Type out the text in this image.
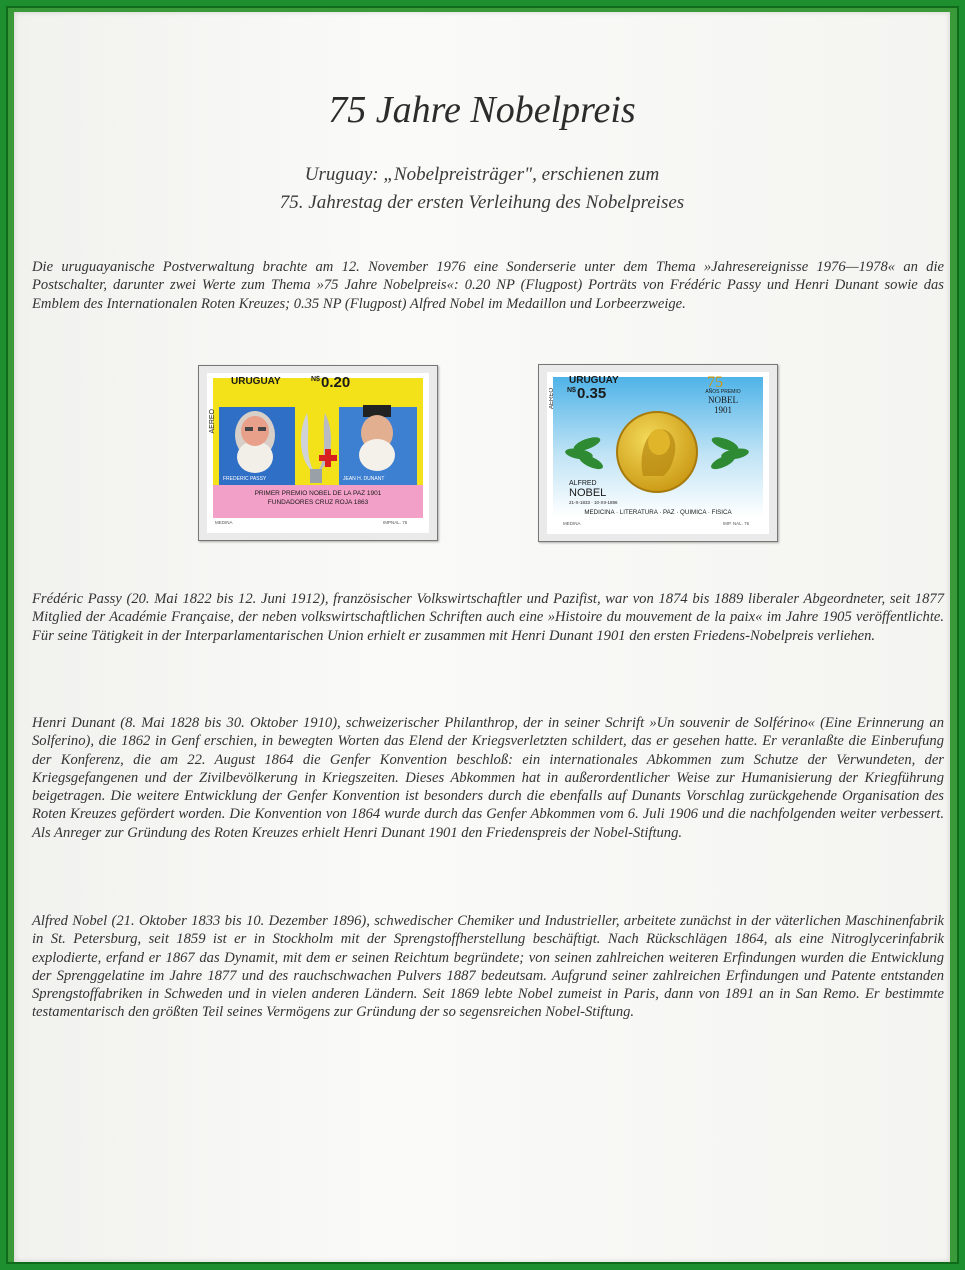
75 Jahre Nobelpreis
Uruguay: „Nobelpreisträger", erschienen zum
75. Jahrestag der ersten Verleihung des Nobelpreises
Die uruguayanische Postverwaltung brachte am 12. November 1976 eine Sonderserie unter dem Thema »Jahresereignisse 1976—1978« an die Postschalter, darunter zwei Werte zum Thema »75 Jahre Nobelpreis«: 0.20 NP (Flugpost) Porträts von Frédéric Passy und Henri Dunant sowie das Emblem des Internationalen Roten Kreuzes; 0.35 NP (Flugpost) Alfred Nobel im Medaillon und Lorbeerzweige.
URUGUAY	N$ 0.20
AEREO
FREDERIC PASSY	JEAN H. DUNANT
PRIMER PREMIO NOBEL DE LA PAZ 1901
FUNDADORES CRUZ ROJA 1863
MEDINA	IMPNAL. 76
URUGUAY
N$ 0.35
AEREO
75
AÑOS PREMIO
NOBEL
1901
ALFRED
NOBEL
21-X-1833 · 10-XII-1896
MEDICINA · LITERATURA · PAZ · QUIMICA · FISICA
MEDINA	IMP. NAL. 76
Frédéric Passy (20. Mai 1822 bis 12. Juni 1912), französischer Volkswirtschaftler und Pazifist, war von 1874 bis 1889 liberaler Abgeordneter, seit 1877 Mitglied der Académie Française, der neben volkswirtschaftlichen Schriften auch eine »Histoire du mouvement de la paix« im Jahre 1905 veröffentlichte. Für seine Tätigkeit in der Interparlamentarischen Union erhielt er zusammen mit Henri Dunant 1901 den ersten Friedens-Nobelpreis verliehen.
Henri Dunant (8. Mai 1828 bis 30. Oktober 1910), schweizerischer Philanthrop, der in seiner Schrift »Un souvenir de Solférino« (Eine Erinnerung an Solferino), die 1862 in Genf erschien, in bewegten Worten das Elend der Kriegsverletzten schildert, das er gesehen hatte. Er veranlaßte die Einberufung der Konferenz, die am 22. August 1864 die Genfer Konvention beschloß: ein internationales Abkommen zum Schutze der Verwundeten, der Kriegsgefangenen und der Zivilbevölkerung in Kriegszeiten. Dieses Abkommen hat in außerordentlicher Weise zur Humanisierung der Kriegführung beigetragen. Die weitere Entwicklung der Genfer Konvention ist besonders durch die ebenfalls auf Dunants Vorschlag zurückgehende Organisation des Roten Kreuzes gefördert worden. Die Konvention von 1864 wurde durch das Genfer Abkommen vom 6. Juli 1906 und die nachfolgenden weiter verbessert. Als Anreger zur Gründung des Roten Kreuzes erhielt Henri Dunant 1901 den Friedenspreis der Nobel-Stiftung.
Alfred Nobel (21. Oktober 1833 bis 10. Dezember 1896), schwedischer Chemiker und Industrieller, arbeitete zunächst in der väterlichen Maschinenfabrik in St. Petersburg, seit 1859 ist er in Stockholm mit der Sprengstoffherstellung beschäftigt. Nach Rückschlägen 1864, als eine Nitroglycerinfabrik explodierte, erfand er 1867 das Dynamit, mit dem er seinen Reichtum begründete; von seinen zahlreichen weiteren Erfindungen wurden die Entwicklung der Sprenggelatine im Jahre 1877 und des rauchschwachen Pulvers 1887 bedeutsam. Aufgrund seiner zahlreichen Erfindungen und Patente entstanden Sprengstoffabriken in Schweden und in vielen anderen Ländern. Seit 1869 lebte Nobel zumeist in Paris, dann von 1891 an in San Remo. Er bestimmte testamentarisch den größten Teil seines Vermögens zur Gründung der so segensreichen Nobel-Stiftung.
